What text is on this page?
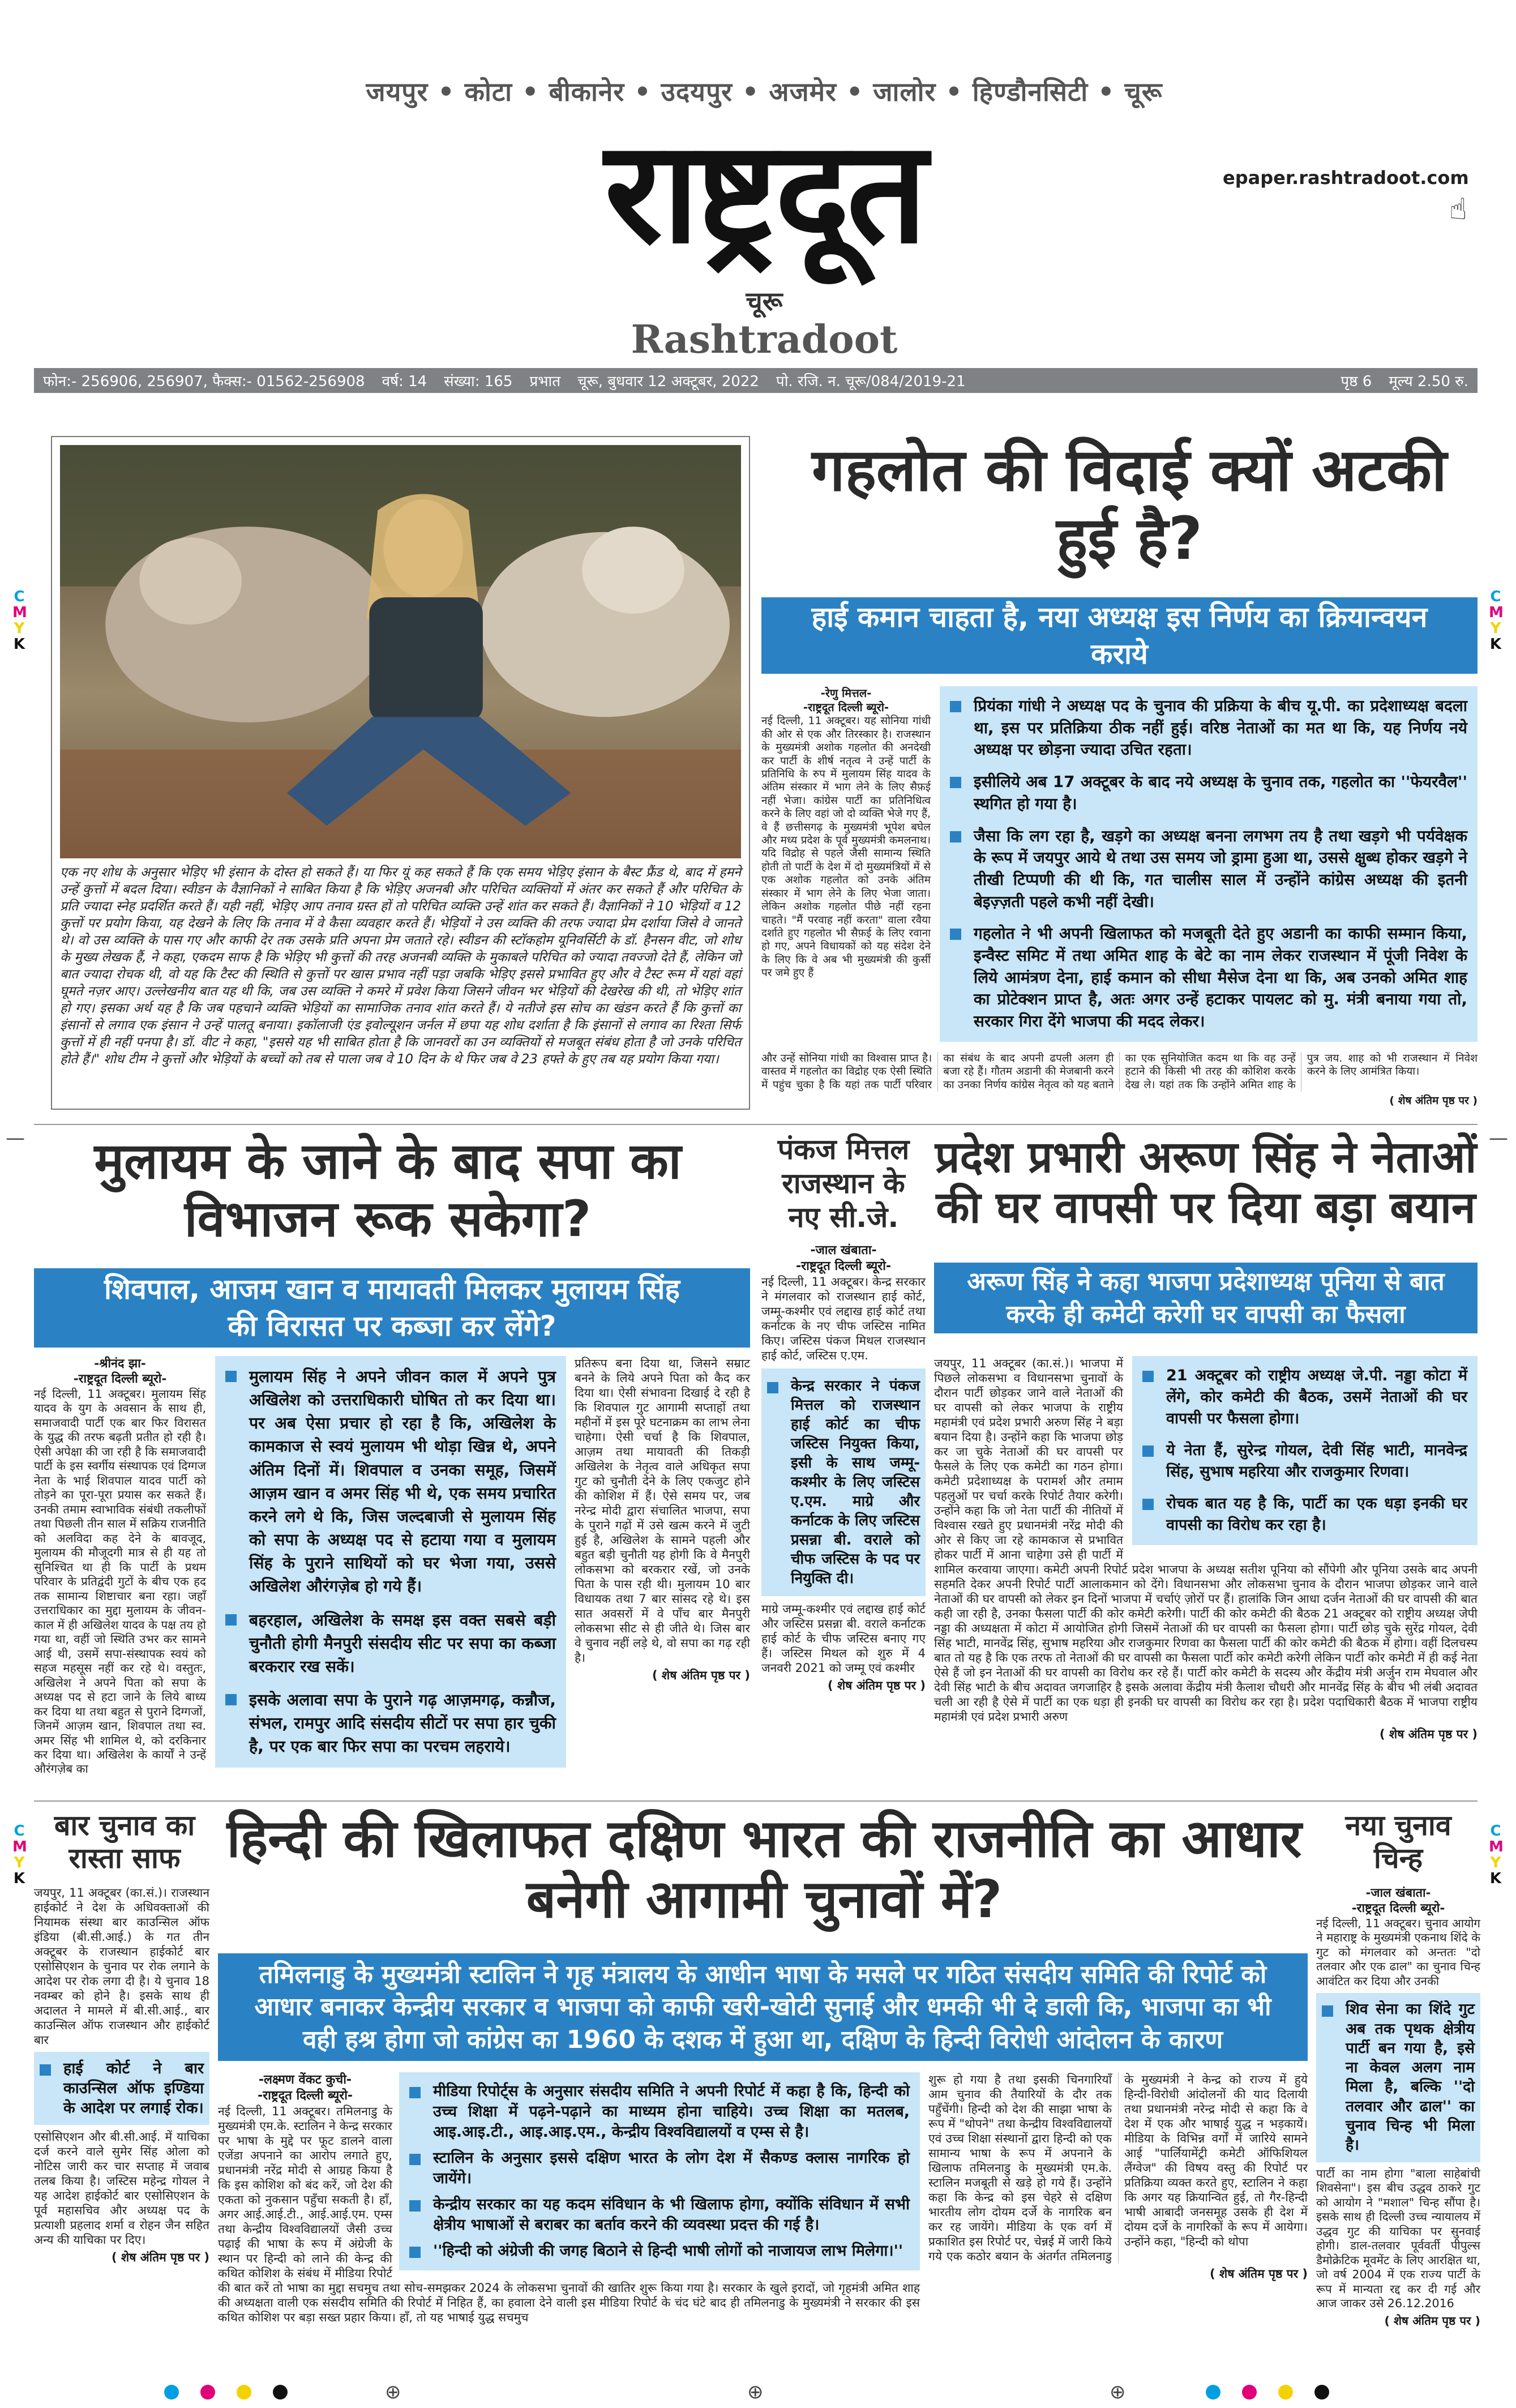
जयपुर • कोटा • बीकानेर • उदयपुर • अजमेर • जालोर • हिण्डौनसिटी • चूरू
राष्ट्रदूत
चूरू
Rashtradoot
epaper.rashtradoot.com
☝
फोन:- 256906, 256907, फैक्स:- 01562-256908 वर्ष: 14 संख्या: 165 प्रभात चूरू, बुधवार 12 अक्टूबर, 2022 पो. रजि. न. चूरू/084/2019-21	पृष्ठ 6 मूल्य 2.50 रु.
C
M
Y
K
C
M
Y
K
C
M
Y
K
C
M
Y
K
—	—

एक नए शोध के अनुसार भेड़िए भी इंसान के दोस्त हो सकते हैं। या फिर यूं कह सकते हैं कि एक समय भेड़िए इंसान के बैस्ट फ्रैंड थे, बाद में हमने उन्हें कुत्तों में बदल दिया। स्वीडन के वैज्ञानिकों ने साबित किया है कि भेड़िए अजनबी और परिचित व्यक्तियों में अंतर कर सकते हैं और परिचित के प्रति ज्यादा स्नेह प्रदर्शित करते हैं। यही नहीं, भेड़िए आप तनाव ग्रस्त हों तो परिचित व्यक्ति उन्हें शांत कर सकते हैं। वैज्ञानिकों ने 10 भेड़ियों व 12 कुत्तों पर प्रयोग किया, यह देखने के लिए कि तनाव में वे कैसा व्यवहार करते हैं। भेड़ियों ने उस व्यक्ति की तरफ ज्यादा प्रेम दर्शाया जिसे वे जानते थे। वो उस व्यक्ति के पास गए और काफी देर तक उसके प्रति अपना प्रेम जताते रहे। स्वीडन की स्टॉकहोम यूनिवर्सिटी के डॉ. हैनसन वीट, जो शोध के मुख्य लेखक हैं, ने कहा, एकदम साफ है कि भेड़िए भी कुत्तों की तरह अजनबी व्यक्ति के मुकाबले परिचित को ज्यादा तवज्जो देते हैं, लेकिन जो बात ज्यादा रोचक थी, वो यह कि टैस्ट की स्थिति से कुत्तों पर खास प्रभाव नहीं पड़ा जबकि भेड़िए इससे प्रभावित हुए और वे टैस्ट रूम में यहां वहां घूमते नज़र आए। उल्लेखनीय बात यह थी कि, जब उस व्यक्ति ने कमरे में प्रवेश किया जिसने जीवन भर भेड़ियों की देखरेख की थी, तो भेड़िए शांत हो गए। इसका अर्थ यह है कि जब पहचाने व्यक्ति भेड़ियों का सामाजिक तनाव शांत करते हैं। ये नतीजे इस सोच का खंडन करते हैं कि कुत्तों का इंसानों से लगाव एक इंसान ने उन्हें पालतू बनाया। इकॉलाजी एंड इवोल्यूशन जर्नल में छपा यह शोध दर्शाता है कि इंसानों से लगाव का रिश्ता सिर्फ कुत्तों में ही नहीं पनपा है। डॉ. वीट ने कहा, "इससे यह भी साबित होता है कि जानवरों का उन व्यक्तियों से मजबूत संबंध होता है जो उनके परिचित होते हैं।" शोध टीम ने कुत्तों और भेड़ियों के बच्चों को तब से पाला जब वे 10 दिन के थे फिर जब वे 23 हफ्ते के हुए तब यह प्रयोग किया गया।

गहलोत की विदाई क्यों अटकी हुई है?
हाई कमान चाहता है, नया अध्यक्ष इस निर्णय का क्रियान्वयन कराये
प्रियंका गांधी ने अध्यक्ष पद के चुनाव की प्रक्रिया के बीच यू.पी. का प्रदेशाध्यक्ष बदला था, इस पर प्रतिक्रिया ठीक नहीं हुई। वरिष्ठ नेताओं का मत था कि, यह निर्णय नये अध्यक्ष पर छोड़ना ज्यादा उचित रहता।
इसीलिये अब 17 अक्टूबर के बाद नये अध्यक्ष के चुनाव तक, गहलोत का ''फेयरवैल'' स्थगित हो गया है।
जैसा कि लग रहा है, खड़गे का अध्यक्ष बनना लगभग तय है तथा खड़गे भी पर्यवेक्षक के रूप में जयपुर आये थे तथा उस समय जो ड्रामा हुआ था, उससे क्षुब्ध होकर खड़गे ने तीखी टिप्पणी की थी कि, गत चालीस साल में उन्होंने कांग्रेस अध्यक्ष की इतनी बेइज़्ज़ती पहले कभी नहीं देखी।
गहलोत ने भी अपनी खिलाफत को मजबूती देते हुए अडानी का काफी सम्मान किया, इन्वैस्ट समिट में तथा अमित शाह के बेटे का नाम लेकर राजस्थान में पूंजी निवेश के लिये आमंत्रण देना, हाई कमान को सीधा मैसेज देना था कि, अब उनको अमित शाह का प्रोटेक्शन प्राप्त है, अतः अगर उन्हें हटाकर पायलट को मु. मंत्री बनाया गया तो, सरकार गिरा देंगे भाजपा की मदद लेकर।
-रेणु मित्तल-
-राष्ट्रदूत दिल्ली ब्यूरो-

नई दिल्ली, 11 अक्टूबर। यह सोनिया गांधी की ओर से एक और तिरस्कार है। राजस्थान के मुख्यमंत्री अशोक गहलोत की अनदेखी कर पार्टी के शीर्ष नतृत्व ने उन्हें पार्टी के प्रतिनिधि के रुप में मुलायम सिंह यादव के अंतिम संस्कार में भाग लेने के लिए सैफ़ई नहीं भेजा। कांग्रेस पार्टी का प्रतिनिधित्व करने के लिए वहां जो दो व्यक्ति भेजे गए हैं, वे हैं छत्तीसगढ़ के मुख्यमंत्री भूपेश बघेल और मध्य प्रदेश के पूर्व मुख्यमंत्री कमलनाथ। यदि विद्रोह से पहले जैसी सामान्य स्थिति होती तो पार्टी के देश में दो मुख्यमंत्रियों में से एक अशोक गहलोत को उनके अंतिम संस्कार में भाग लेने के लिए भेजा जाता। लेकिन अशोक गहलोत पीछे नहीं रहना चाहते। "मैं परवाह नहीं करता" वाला रवैया दर्शाते हुए गहलोत भी सैफ़ई के लिए रवाना हो गए, अपने विधायकों को यह संदेश देने के लिए कि वे अब भी मुख्यमंत्री की कुर्सी पर जमे हुए हैं

और उन्हें सोनिया गांधी का विश्वास प्राप्त है। वास्तव में गहलोत का विद्रोह एक ऐसी स्थिति में पहुंच चुका है कि यहां तक पार्टी परिवार का संबंध के बाद अपनी ढपली अलग ही बजा रहे हैं। गौतम अडानी की मेजबानी करने का उनका निर्णय कांग्रेस नेतृत्व को यह बताने का एक सुनियोजित कदम था कि वह उन्हें हटाने की किसी भी तरह की कोशिश करके देख ले। यहां तक कि उन्होंने अमित शाह के पुत्र जय. शाह को भी राजस्थान में निवेश करने के लिए आमंत्रित किया।

( शेष अंतिम पृष्ठ पर )
मुलायम के जाने के बाद सपा का विभाजन रूक सकेगा?
शिवपाल, आजम खान व मायावती मिलकर मुलायम सिंह की विरासत पर कब्जा कर लेंगे?
मुलायम सिंह ने अपने जीवन काल में अपने पुत्र अखिलेश को उत्तराधिकारी घोषित तो कर दिया था। पर अब ऐसा प्रचार हो रहा है कि, अखिलेश के कामकाज से स्वयं मुलायम भी थोड़ा खिन्न थे, अपने अंतिम दिनों में। शिवपाल व उनका समूह, जिसमें आज़म खान व अमर सिंह भी थे, एक समय प्रचारित करने लगे थे कि, जिस जल्दबाजी से मुलायम सिंह को सपा के अध्यक्ष पद से हटाया गया व मुलायम सिंह के पुराने साथियों को घर भेजा गया, उससे अखिलेश औरंगज़ेब हो गये हैं।
बहरहाल, अखिलेश के समक्ष इस वक्त सबसे बड़ी चुनौती होगी मैनपुरी संसदीय सीट पर सपा का कब्जा बरकरार रख सकें।
इसके अलावा सपा के पुराने गढ़ आज़मगढ़, कन्नौज, संभल, रामपुर आदि संसदीय सीटों पर सपा हार चुकी है, पर एक बार फिर सपा का परचम लहराये।
-श्रीनंद झा-
-राष्ट्रदूत दिल्ली ब्यूरो-

नई दिल्ली, 11 अक्टूबर। मुलायम सिंह यादव के युग के अवसान के साथ ही, समाजवादी पार्टी एक बार फिर विरासत के युद्ध की तरफ बढ़ती प्रतीत हो रही है। ऐसी अपेक्षा की जा रही है कि समाजवादी पार्टी के इस स्वर्गीय संस्थापक एवं दिग्गज नेता के भाई शिवपाल यादव पार्टी को तोड़ने का पूरा-पूरा प्रयास कर सकते हैं। उनकी तमाम स्वाभाविक संबंधी तकलीफों तथा पिछली तीन साल में सक्रिय राजनीति को अलविदा कह देने के बावजूद, मुलायम की मौजूदगी मात्र से ही यह तो सुनिश्चित था ही कि पार्टी के प्रथम परिवार के प्रतिद्वंदी गुटों के बीच एक हद तक सामान्य शिष्टाचार बना रहा। जहाँ उत्तराधिकार का मुद्दा मुलायम के जीवन-काल में ही अखिलेश यादव के पक्ष तय हो गया था, वहीं जो स्थिति उभर कर सामने आई थी, उसमें सपा-संस्थापक स्वयं को सहज महसूस नहीं कर रहे थे। वस्तुतः, अखिलेश ने अपने पिता को सपा के अध्यक्ष पद से हटा जाने के लिये बाध्य कर दिया था तथा बहुत से पुराने दिग्गजों, जिनमें आज़म खान, शिवपाल तथा स्व. अमर सिंह भी शामिल थे, को दरकिनार कर दिया था। अखिलेश के कार्यों ने उन्हें औरंगज़ेब का

प्रतिरूप बना दिया था, जिसने सम्राट बनने के लिये अपने पिता को कैद कर दिया था। ऐसी संभावना दिखाई दे रही है कि शिवपाल गुट आगामी सप्ताहों तथा महीनों में इस पूरे घटनाक्रम का लाभ लेना चाहेगा। ऐसी चर्चा है कि शिवपाल, आज़म तथा मायावती की तिकड़ी अखिलेश के नेतृत्व वाले अधिकृत सपा गुट को चुनौती देने के लिए एकजुट होने की कोशिश में हैं। ऐसे समय पर, जब नरेन्द्र मोदी द्वारा संचालित भाजपा, सपा के पुराने गढ़ों में उसे खत्म करने में जुटी हुई है, अखिलेश के सामने पहली और बहुत बड़ी चुनौती यह होगी कि वे मैनपुरी लोकसभा को बरकरार रखें, जो उनके पिता के पास रही थी। मुलायम 10 बार विधायक तथा 7 बार सांसद रहे थे। इस सात अवसरों में वे पाँच बार मैनपुरी लोकसभा सीट से ही जीते थे। जिस बार वे चुनाव नहीं लड़े थे, वो सपा का गढ़ रही है।

( शेष अंतिम पृष्ठ पर )
पंकज मित्तल राजस्थान के नए सी.जे.
-जाल खंबाता-
-राष्ट्रदूत दिल्ली ब्यूरो-

नई दिल्ली, 11 अक्टूबर। केन्द्र सरकार ने मंगलवार को राजस्थान हाई कोर्ट, जम्मू-कश्मीर एवं लद्दाख हाई कोर्ट तथा कर्नाटक के नए चीफ जस्टिस नामित किए। जस्टिस पंकज मिथल राजस्थान हाई कोर्ट, जस्टिस ए.एम.

केन्द्र सरकार ने पंकज मित्तल को राजस्थान हाई कोर्ट का चीफ जस्टिस नियुक्त किया, इसी के साथ जम्मू-कश्मीर के लिए जस्टिस ए.एम. माग्रे और कर्नाटक के लिए जस्टिस प्रसन्ना बी. वराले को चीफ जस्टिस के पद पर नियुक्ति दी।

माग्रे जम्मू-कश्मीर एवं लद्दाख हाई कोर्ट और जस्टिस प्रसन्ना बी. वराले कर्नाटक हाई कोर्ट के चीफ जस्टिस बनाए गए हैं। जस्टिस मिथल को शुरु में 4 जनवरी 2021 को जम्मू एवं कश्मीर

( शेष अंतिम पृष्ठ पर )
प्रदेश प्रभारी अरूण सिंह ने नेताओं की घर वापसी पर दिया बड़ा बयान
अरूण सिंह ने कहा भाजपा प्रदेशाध्यक्ष पूनिया से बात करके ही कमेटी करेगी घर वापसी का फैसला
21 अक्टूबर को राष्ट्रीय अध्यक्ष जे.पी. नड्डा कोटा में लेंगे, कोर कमेटी की बैठक, उसमें नेताओं की घर वापसी पर फैसला होगा।
ये नेता हैं, सुरेन्द्र गोयल, देवी सिंह भाटी, मानवेन्द्र सिंह, सुभाष महरिया और राजकुमार रिणवा।
रोचक बात यह है कि, पार्टी का एक धड़ा इनकी घर वापसी का विरोध कर रहा है।

जयपुर, 11 अक्टूबर (का.सं.)। भाजपा में पिछले लोकसभा व विधानसभा चुनावों के दौरान पार्टी छोड़कर जाने वाले नेताओं की घर वापसी को लेकर भाजपा के राष्ट्रीय महामंत्री एवं प्रदेश प्रभारी अरुण सिंह ने बड़ा बयान दिया है। उन्होंने कहा कि भाजपा छोड़ कर जा चुके नेताओं की घर वापसी पर फैसले के लिए एक कमेटी का गठन होगा। कमेटी प्रदेशाध्यक्ष के परामर्श और तमाम पहलुओं पर चर्चा करके रिपोर्ट तैयार करेगी। उन्होंने कहा कि जो नेता पार्टी की नीतियों में विश्वास रखते हुए प्रधानमंत्री नरेंद्र मोदी की ओर से किए जा रहे कामकाज से प्रभावित होकर पार्टी में आना चाहेगा उसे ही पार्टी में शामिल करवाया जाएगा। कमेटी अपनी रिपोर्ट प्रदेश भाजपा के अध्यक्ष सतीश पूनिया को सौंपेगी और पूनिया उसके बाद अपनी सहमति देकर अपनी रिपोर्ट पार्टी आलाकमान को देंगे। विधानसभा और लोकसभा चुनाव के दौरान भाजपा छोड़कर जाने वाले नेताओं की घर वापसी को लेकर इन दिनों भाजपा में चर्चाएं ज़ोरों पर हैं। हालांकि जिन आधा दर्जन नेताओं की घर वापसी की बात कही जा रही है, उनका फैसला पार्टी की कोर कमेटी करेगी। पार्टी की कोर कमेटी की बैठक 21 अक्टूबर को राष्ट्रीय अध्यक्ष जेपी नड्डा की अध्यक्षता में कोटा में आयोजित होगी जिसमें नेताओं की घर वापसी का फैसला होगा। पार्टी छोड़ चुके सुरेंद्र गोयल, देवी सिंह भाटी, मानवेंद्र सिंह, सुभाष महरिया और राजकुमार रिणवा का फैसला पार्टी की कोर कमेटी की बैठक में होगा। वहीं दिलचस्प बात तो यह है कि एक तरफ तो नेताओं की घर वापसी का फैसला पार्टी कोर कमेटी करेगी लेकिन पार्टी कोर कमेटी में ही कई नेता ऐसे हैं जो इन नेताओं की घर वापसी का विरोध कर रहे हैं। पार्टी कोर कमेटी के सदस्य और केंद्रीय मंत्री अर्जुन राम मेघवाल और देवी सिंह भाटी के बीच अदावत जगजाहिर है इसके अलावा केंद्रीय मंत्री कैलाश चौधरी और मानवेंद्र सिंह के बीच भी लंबी अदावत चली आ रही है ऐसे में पार्टी का एक धड़ा ही इनकी घर वापसी का विरोध कर रहा है। प्रदेश पदाधिकारी बैठक में भाजपा राष्ट्रीय महामंत्री एवं प्रदेश प्रभारी अरुण

( शेष अंतिम पृष्ठ पर )
बार चुनाव का रास्ता साफ

जयपुर, 11 अक्टूबर (का.सं.)। राजस्थान हाईकोर्ट ने देश के अधिवक्ताओं की नियामक संस्था बार काउन्सिल ऑफ इंडिया (बी.सी.आई.) के गत तीन अक्टूबर के राजस्थान हाईकोर्ट बार एसोसिएशन के चुनाव पर रोक लगाने के आदेश पर रोक लगा दी है। ये चुनाव 18 नवम्बर को होने है। इसके साथ ही अदालत ने मामले में बी.सी.आई., बार काउन्सिल ऑफ राजस्थान और हाईकोर्ट बार

हाई कोर्ट ने बार काउन्सिल ऑफ इण्डिया के आदेश पर लगाई रोक।

एसोसिएशन और बी.सी.आई. में याचिका दर्ज करने वाले सुमेर सिंह ओला को नोटिस जारी कर चार सप्ताह में जवाब तलब किया है। जस्टिस महेन्द्र गोयल ने यह आदेश हाईकोर्ट बार एसोसिएशन के पूर्व महासचिव और अध्यक्ष पद के प्रत्याशी प्रहलाद शर्मा व रोहन जैन सहित अन्य की याचिका पर दिए।

( शेष अंतिम पृष्ठ पर )
हिन्दी की खिलाफत दक्षिण भारत की राजनीति का आधार बनेगी आगामी चुनावों में?
तमिलनाडु के मुख्यमंत्री स्टालिन ने गृह मंत्रालय के आधीन भाषा के मसले पर गठित संसदीय समिति की रिपोर्ट को आधार बनाकर केन्द्रीय सरकार व भाजपा को काफी खरी-खोटी सुनाई और धमकी भी दे डाली कि, भाजपा का भी वही हश्र होगा जो कांग्रेस का 1960 के दशक में हुआ था, दक्षिण के हिन्दी विरोधी आंदोलन के कारण
मीडिया रिपोर्ट्स के अनुसार संसदीय समिति ने अपनी रिपोर्ट में कहा है कि, हिन्दी को उच्च शिक्षा में पढ़ने-पढ़ाने का माध्यम होना चाहिये। उच्च शिक्षा का मतलब, आइ.आइ.टी., आइ.आइ.एम., केन्द्रीय विश्वविद्यालयों व एम्स से है।
स्टालिन के अनुसार इससे दक्षिण भारत के लोग देश में सैकण्ड क्लास नागरिक हो जायेंगे।
केन्द्रीय सरकार का यह कदम संविधान के भी खिलाफ होगा, क्योंकि संविधान में सभी क्षेत्रीय भाषाओं से बराबर का बर्ताव करने की व्यवस्था प्रदत्त की गई है।
''हिन्दी को अंग्रेजी की जगह बिठाने से हिन्दी भाषी लोगों को नाजायज लाभ मिलेगा।''
-लक्ष्मण वेंकट कुची-
-राष्ट्रदूत दिल्ली ब्यूरो-

नई दिल्ली, 11 अक्टूबर। तमिलनाडु के मुख्यमंत्री एम.के. स्टालिन ने केन्द्र सरकार पर भाषा के मुद्दे पर फूट डालने वाला एजेंडा अपनाने का आरोप लगाते हुए, प्रधानमंत्री नरेंद्र मोदी से आग्रह किया है कि इस कोशिश को बंद करें, जो देश की एकता को नुकसान पहुँचा सकती है। हाँ, अगर आई.आई.टी., आई.आई.एम. एम्स तथा केन्द्रीय विश्वविद्यालयों जैसी उच्च पढ़ाई की भाषा के रूप में अंग्रेजी के स्थान पर हिन्दी को लाने की केन्द्र की कथित कोशिश के संबंध में मीडिया रिपोर्ट की बात करें तो भाषा का मुद्दा सचमुच तथा सोच-समझकर 2024 के लोकसभा चुनावों की खातिर शुरू किया गया है। सरकार के खुले इरादों, जो गृहमंत्री अमित शाह की अध्यक्षता वाली एक संसदीय समिति की रिपोर्ट में निहित हैं, का हवाला देने वाली इस मीडिया रिपोर्ट के चंद घंटे बाद ही तमिलनाडु के मुख्यमंत्री ने सरकार की इस कथित कोशिश पर बड़ा सख्त प्रहार किया। हाँ, तो यह भाषाई युद्ध सचमुच

शुरू हो गया है तथा इसकी चिनगारियाँ आम चुनाव की तैयारियों के दौर तक पहुँचेंगी। हिन्दी को देश की साझा भाषा के रूप में "थोपने" तथा केन्द्रीय विश्वविद्यालयों एवं उच्च शिक्षा संस्थानों द्वारा हिन्दी को एक सामान्य भाषा के रूप में अपनाने के खिलाफ तमिलनाडु के मुख्यमंत्री एम.के. स्टालिन मजबूती से खड़े हो गये हैं। उन्होंने कहा कि केन्द्र को इस चेहरे से दक्षिण भारतीय लोग दोयम दर्जे के नागरिक बन कर रह जायेंगे। मीडिया के एक वर्ग में प्रकाशित इस रिपोर्ट पर, चेन्नई में जारी किये गये एक कठोर बयान के अंतर्गत तमिलनाडु के मुख्यमंत्री ने केन्द्र को राज्य में हुये हिन्दी-विरोधी आंदोलनों की याद दिलायी तथा प्रधानमंत्री नरेन्द्र मोदी से कहा कि वे देश में एक और भाषाई युद्ध न भड़कायें। मीडिया के विभिन्न वर्गों में जारिये सामने आई "पार्लियामेंट्री कमेटी ऑफिशियल लैंग्वेज" की विषय वस्तु की रिपोर्ट पर प्रतिक्रिया व्यक्त करते हुए, स्टालिन ने कहा कि अगर यह क्रियान्वित हुई, तो गैर-हिन्दी भाषी आबादी जनसमूह उसके ही देश में दोयम दर्जे के नागरिकों के रूप में आयेगा। उन्होंने कहा, "हिन्दी को थोपा

( शेष अंतिम पृष्ठ पर )
नया चुनाव चिन्ह
-जाल खंबाता-
-राष्ट्रदूत दिल्ली ब्यूरो-

नई दिल्ली, 11 अक्टूबर। चुनाव आयोग ने महाराष्ट्र के मुख्यमंत्री एकनाथ शिंदे के गुट को मंगलवार को अन्ततः "दो तलवार और एक ढाल" का चुनाव चिन्ह आवंटित कर दिया और उनकी

शिव सेना का शिंदे गुट अब तक पृथक क्षेत्रीय पार्टी बन गया है, इसे ना केवल अलग नाम मिला है, बल्कि ''दो तलवार और ढाल'' का चुनाव चिन्ह भी मिला है।

पार्टी का नाम होगा "बाला साहेबांची शिवसेना"। इस बीच उद्धव ठाकरे गुट को आयोग ने "मशाल" चिन्ह सौंपा है। इसके साथ ही दिल्ली उच्च न्यायालय में उद्धव गुट की याचिका पर सुनवाई होगी। डाल-तलवार पूर्ववर्ती पीपुल्स डैमोक्रेटिक मूवमेंट के लिए आरक्षित था, जो वर्ष 2004 में एक राज्य पार्टी के रूप में मान्यता रद्द कर दी गई और आज जाकर उसे 26.12.2016

( शेष अंतिम पृष्ठ पर )
⊕
⊕	⊕
